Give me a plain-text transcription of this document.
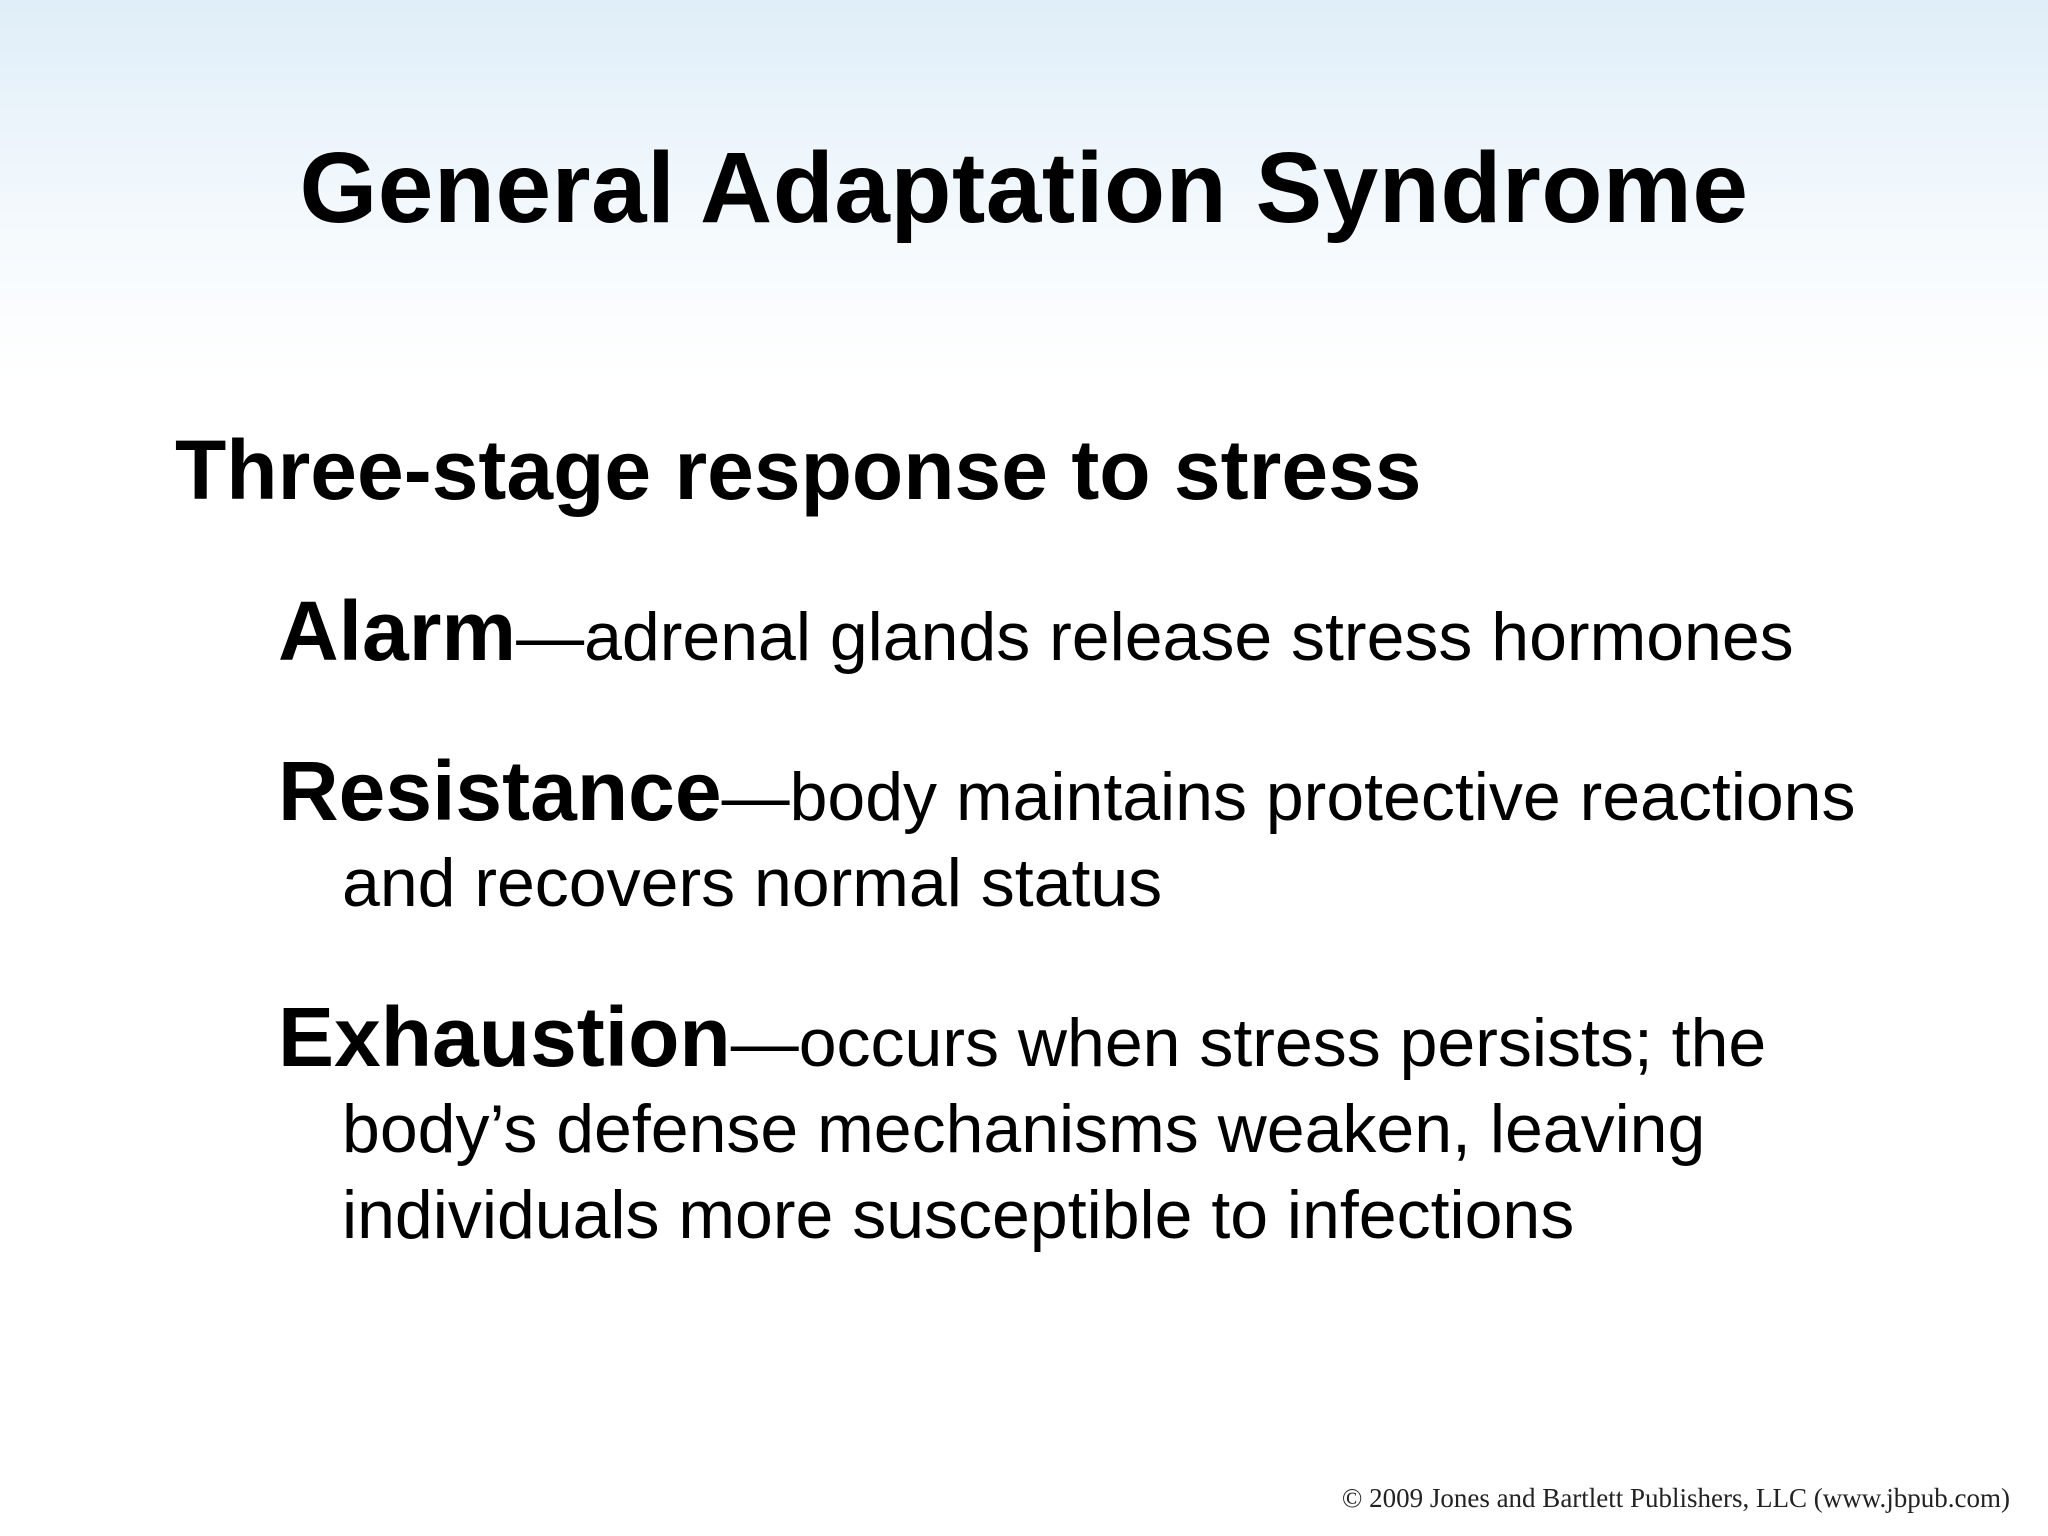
General Adaptation Syndrome

Three-stage response to stress

Alarm—adrenal glands release stress hormones

Resistance—body maintains protective reactions and recovers normal status

Exhaustion—occurs when stress persists; the body’s defense mechanisms weaken, leaving individuals more susceptible to infections

© 2009 Jones and Bartlett Publishers, LLC (www.jbpub.com)
